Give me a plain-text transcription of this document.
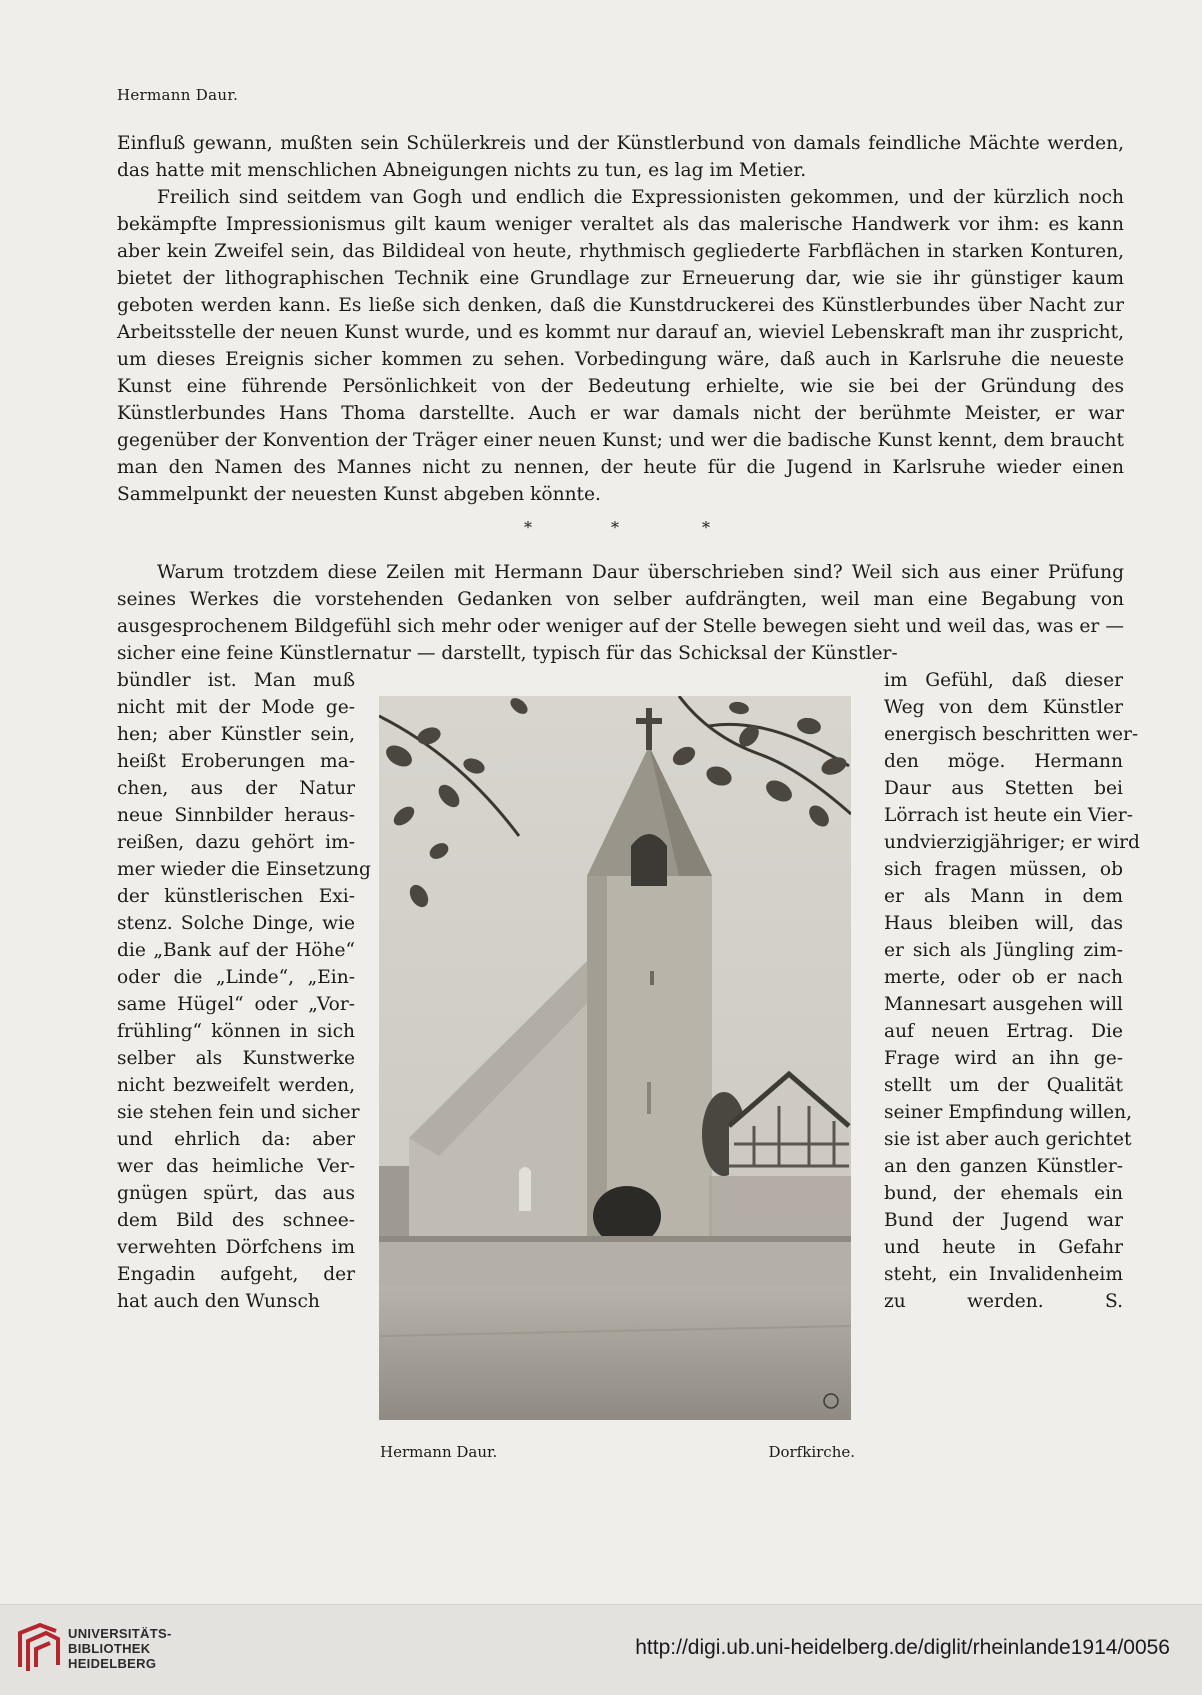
Hermann Daur.

Einfluß gewann, mußten sein Schülerkreis und der Künstlerbund von damals feindliche Mächte werden, das hatte mit menschlichen Abneigungen nichts zu tun, es lag im Metier.

Freilich sind seitdem van Gogh und endlich die Expressionisten gekommen, und der kürzlich noch bekämpfte Impressionismus gilt kaum weniger veraltet als das malerische Handwerk vor ihm: es kann aber kein Zweifel sein, das Bildideal von heute, rhythmisch gegliederte Farbflächen in starken Konturen, bietet der lithographischen Technik eine Grundlage zur Erneuerung dar, wie sie ihr günstiger kaum geboten werden kann. Es ließe sich denken, daß die Kunstdruckerei des Künstlerbundes über Nacht zur Arbeitsstelle der neuen Kunst wurde, und es kommt nur darauf an, wieviel Lebenskraft man ihr zuspricht, um dieses Ereignis sicher kommen zu sehen. Vorbedingung wäre, daß auch in Karlsruhe die neueste Kunst eine führende Persönlichkeit von der Bedeutung erhielte, wie sie bei der Gründung des Künstlerbundes Hans Thoma darstellte. Auch er war damals nicht der berühmte Meister, er war gegenüber der Konvention der Träger einer neuen Kunst; und wer die badische Kunst kennt, dem braucht man den Namen des Mannes nicht zu nennen, der heute für die Jugend in Karlsruhe wieder einen Sammelpunkt der neuesten Kunst abgeben könnte.

*	*	*

Warum trotzdem diese Zeilen mit Hermann Daur überschrieben sind? Weil sich aus einer Prüfung seines Werkes die vorstehenden Gedanken von selber aufdrängten, weil man eine Begabung von ausgesprochenem Bildgefühl sich mehr oder weniger auf der Stelle bewegen sieht und weil das, was er — sicher eine feine Künstlernatur — darstellt, typisch für das Schicksal der Künstler-

bündler ist. Man muß
nicht mit der Mode ge-
hen; aber Künstler sein,
heißt Eroberungen ma-
chen, aus der Natur
neue Sinnbilder heraus-
reißen, dazu gehört im-
mer wieder die Einsetzung
der künstlerischen Exi-
stenz. Solche Dinge, wie
die „Bank auf der Höhe“
oder die „Linde“, „Ein-
same Hügel“ oder „Vor-
frühling“ können in sich
selber als Kunstwerke
nicht bezweifelt werden,
sie stehen fein und sicher
und ehrlich da: aber
wer das heimliche Ver-
gnügen spürt, das aus
dem Bild des schnee-
verwehten Dörfchens im
Engadin aufgeht, der
hat auch den Wunsch
Hermann Daur.	Dorfkirche.
im Gefühl, daß dieser
Weg von dem Künstler
energisch beschritten wer-
den möge. Hermann
Daur aus Stetten bei
Lörrach ist heute ein Vier-
undvierzigjähriger; er wird
sich fragen müssen, ob
er als Mann in dem
Haus bleiben will, das
er sich als Jüngling zim-
merte, oder ob er nach
Mannesart ausgehen will
auf neuen Ertrag. Die
Frage wird an ihn ge-
stellt um der Qualität
seiner Empfindung willen,
sie ist aber auch gerichtet
an den ganzen Künstler-
bund, der ehemals ein
Bund der Jugend war
und heute in Gefahr
steht, ein Invalidenheim
zu werden. S.
UNIVERSITÄTS-
BIBLIOTHEK
HEIDELBERG
http://digi.ub.uni-heidelberg.de/diglit/rheinlande1914/0056
